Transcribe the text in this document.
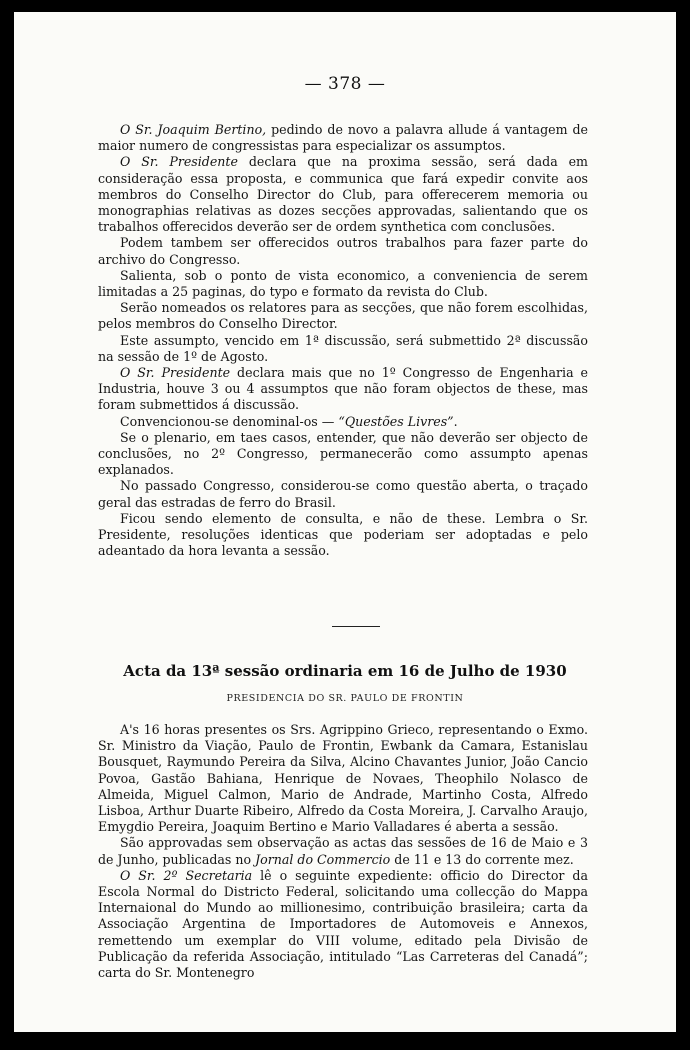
— 378 —

O Sr. Joaquim Bertino, pedindo de novo a palavra allude á vantagem de maior numero de congressistas para especializar os assumptos.

O Sr. Presidente declara que na proxima sessão, será dada em consideração essa proposta, e communica que fará expedir convite aos membros do Conselho Director do Club, para offerecerem memoria ou monographias relativas as dozes secções approvadas, salientando que os trabalhos offerecidos deverão ser de ordem synthetica com conclusões.

Podem tambem ser offerecidos outros trabalhos para fazer parte do archivo do Congresso.

Salienta, sob o ponto de vista economico, a conveniencia de serem limitadas a 25 paginas, do typo e formato da revista do Club.

Serão nomeados os relatores para as secções, que não forem escolhidas, pelos membros do Conselho Director.

Este assumpto, vencido em 1ª discussão, será submettido 2ª discussão na sessão de 1º de Agosto.

O Sr. Presidente declara mais que no 1º Congresso de Engenharia e Industria, houve 3 ou 4 assumptos que não foram objectos de these, mas foram submettidos á discussão.

Convencionou-se denominal-os — “Questões Livres”.

Se o plenario, em taes casos, entender, que não deverão ser objecto de conclusões, no 2º Congresso, permanecerão como assumpto apenas explanados.

No passado Congresso, considerou-se como questão aberta, o traçado geral das estradas de ferro do Brasil.

Ficou sendo elemento de consulta, e não de these. Lembra o Sr. Presidente, resoluções identicas que poderiam ser adoptadas e pelo adeantado da hora levanta a sessão.

Acta da 13ª sessão ordinaria em 16 de Julho de 1930
PRESIDENCIA DO SR. PAULO DE FRONTIN

A's 16 horas presentes os Srs. Agrippino Grieco, representando o Exmo. Sr. Ministro da Viação, Paulo de Frontin, Ewbank da Camara, Estanislau Bousquet, Raymundo Pereira da Silva, Alcino Chavantes Junior, João Cancio Povoa, Gastão Bahiana, Henrique de Novaes, Theophilo Nolasco de Almeida, Miguel Calmon, Mario de Andrade, Martinho Costa, Alfredo Lisboa, Arthur Duarte Ribeiro, Alfredo da Costa Moreira, J. Carvalho Araujo, Emygdio Pereira, Joaquim Bertino e Mario Valladares é aberta a sessão.

São approvadas sem observação as actas das sessões de 16 de Maio e 3 de Junho, publicadas no Jornal do Commercio de 11 e 13 do corrente mez.

O Sr. 2º Secretaria lê o seguinte expediente: officio do Director da Escola Normal do Districto Federal, solicitando uma collecção do Mappa Internaional do Mundo ao millionesimo, contribuição brasileira; carta da Associação Argentina de Importadores de Automoveis e Annexos, remettendo um exemplar do VIII volume, editado pela Divisão de Publicação da referida Associação, intitulado “Las Carreteras del Canadá”; carta do Sr. Montenegro
